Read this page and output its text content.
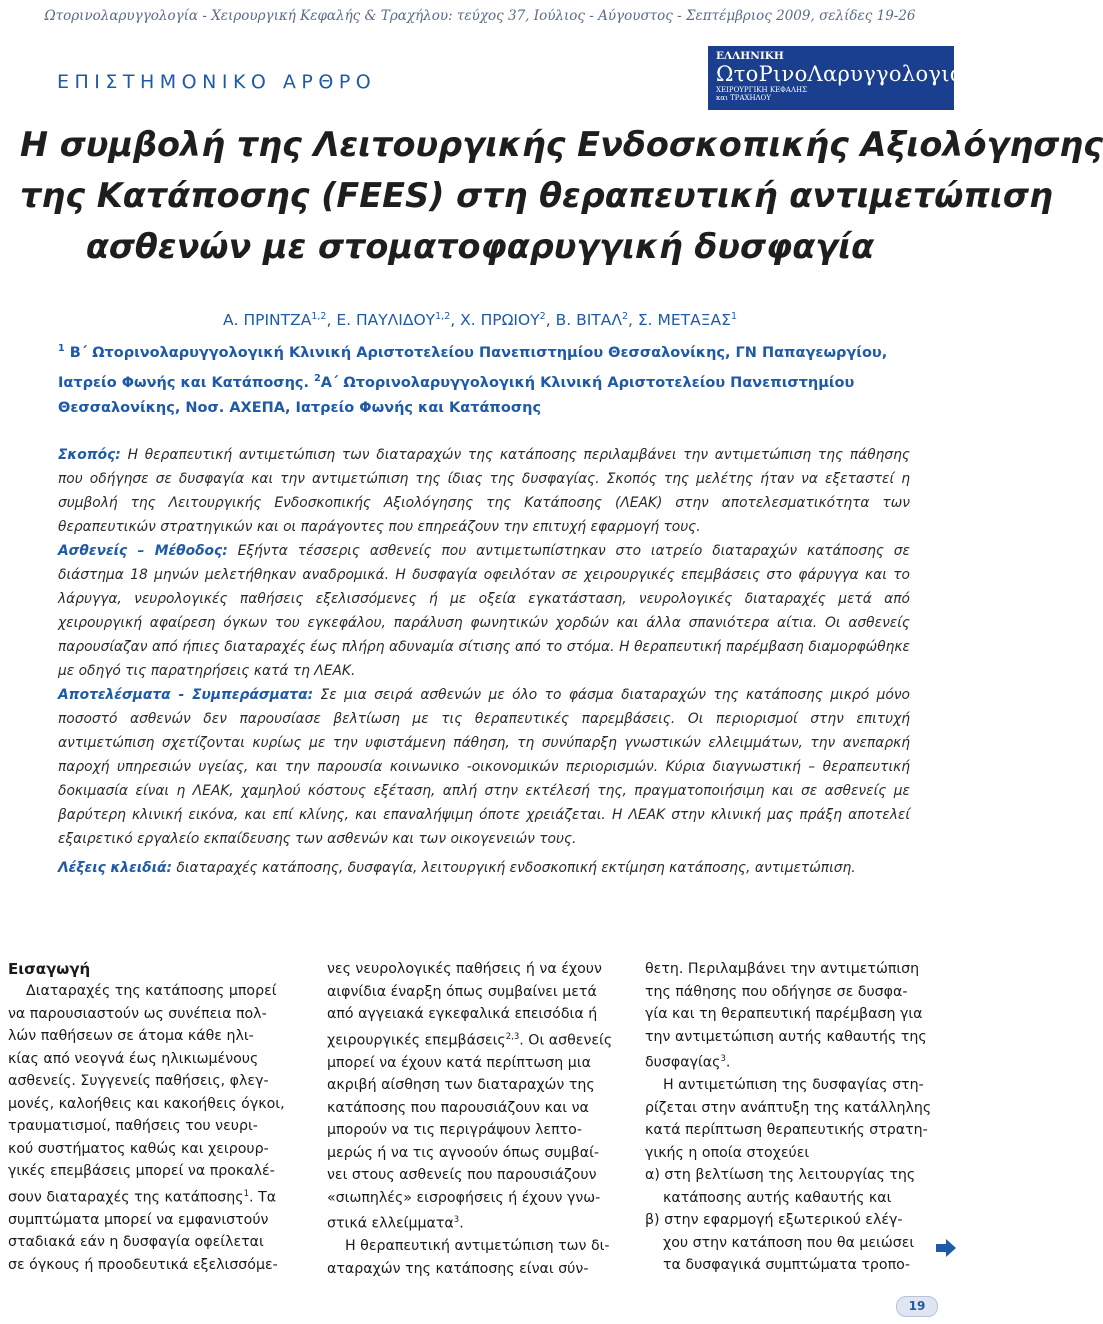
Ωτορινολαρυγγολογία - Χειρουργική Κεφαλής & Τραχήλου: τεύχος 37, Ιούλιος - Αύγουστος - Σεπτέμβριος 2009, σελίδες 19-26
ΕΠΙΣΤΗΜΟΝΙΚΟ ΑΡΘΡΟ
ΕΛΛΗΝΙΚΗ
ΩτοΡινοΛαρυγγολογια
ΧΕΙΡΟΥΡΓΙΚΗ ΚΕΦΑΛΗΣ
και ΤΡΑΧΗΛΟΥ
Η συμβολή της Λειτουργικής Ενδοσκοπικής Αξιολόγησης
της Κατάποσης (FEES) στη θεραπευτική αντιμετώπιση
ασθενών με στοματοφαρυγγική δυσφαγία
Α. ΠΡΙΝΤΖΑ$^{1,2}$, Ε. ΠΑΥΛΙΔΟΥ$^{1,2}$, Χ. ΠΡΩΙΟΥ$^2$, Β. ΒΙΤΑΛ$^2$, Σ. ΜΕΤΑΞΑΣ$^1$
$^1$ Β΄ Ωτορινολαρυγγολογική Κλινική Αριστοτελείου Πανεπιστημίου Θεσσαλονίκης, ΓΝ Παπαγεωργίου,
Ιατρείο Φωνής και Κατάποσης. $^2$Α΄ Ωτορινολαρυγγολογική Κλινική Αριστοτελείου Πανεπιστημίου
Θεσσαλονίκης, Νοσ. ΑΧΕΠΑ, Ιατρείο Φωνής και Κατάποσης

Σκοπός: Η θεραπευτική αντιμετώπιση των διαταραχών της κατάποσης περιλαμβάνει την αντιμετώπιση της πάθησης που οδήγησε σε δυσφαγία και την αντιμετώπιση της ίδιας της δυσφαγίας. Σκοπός της μελέτης ήταν να εξεταστεί η συμβολή της Λειτουργικής Ενδοσκοπικής Αξιολόγησης της Κατάποσης (ΛΕΑΚ) στην αποτελεσματικότητα των θεραπευτικών στρατηγικών και οι παράγοντες που επηρεάζουν την επιτυχή εφαρμογή τους.

Ασθενείς – Μέθοδος: Εξήντα τέσσερις ασθενείς που αντιμετωπίστηκαν στο ιατρείο διαταραχών κατάποσης σε διάστημα 18 μηνών μελετήθηκαν αναδρομικά. Η δυσφαγία οφειλόταν σε χειρουργικές επεμβάσεις στο φάρυγγα και το λάρυγγα, νευρολογικές παθήσεις εξελισσόμενες ή με οξεία εγκατάσταση, νευρολογικές διαταραχές μετά από χειρουργική αφαίρεση όγκων του εγκεφάλου, παράλυση φωνητικών χορδών και άλλα σπανιότερα αίτια. Οι ασθενείς παρουσίαζαν από ήπιες διαταραχές έως πλήρη αδυναμία σίτισης από το στόμα. Η θεραπευτική παρέμβαση διαμορφώθηκε με οδηγό τις παρατηρήσεις κατά τη ΛΕΑΚ.

Αποτελέσματα - Συμπεράσματα: Σε μια σειρά ασθενών με όλο το φάσμα διαταραχών της κατάποσης μικρό μόνο ποσοστό ασθενών δεν παρουσίασε βελτίωση με τις θεραπευτικές παρεμβάσεις. Οι περιορισμοί στην επιτυχή αντιμετώπιση σχετίζονται κυρίως με την υφιστάμενη πάθηση, τη συνύπαρξη γνωστικών ελλειμμάτων, την ανεπαρκή παροχή υπηρεσιών υγείας, και την παρουσία κοινωνικο -οικονομικών περιορισμών. Κύρια διαγνωστική – θεραπευτική δοκιμασία είναι η ΛΕΑΚ, χαμηλού κόστους εξέταση, απλή στην εκτέλεσή της, πραγματοποιήσιμη και σε ασθενείς με βαρύτερη κλινική εικόνα, και επί κλίνης, και επαναλήψιμη όποτε χρειάζεται. Η ΛΕΑΚ στην κλινική μας πράξη αποτελεί εξαιρετικό εργαλείο εκπαίδευσης των ασθενών και των οικογενειών τους.

Λέξεις κλειδιά: διαταραχές κατάποσης, δυσφαγία, λειτουργική ενδοσκοπική εκτίμηση κατάποσης, αντιμετώπιση.
Εισαγωγή
Διαταραχές της κατάποσης μπορεί
να παρουσιαστούν ως συνέπεια πολ-
λών παθήσεων σε άτομα κάθε ηλι-
κίας από νεογνά έως ηλικιωμένους
ασθενείς. Συγγενείς παθήσεις, φλεγ-
μονές, καλοήθεις και κακοήθεις όγκοι,
τραυματισμοί, παθήσεις του νευρι-
κού συστήματος καθώς και χειρουρ-
γικές επεμβάσεις μπορεί να προκαλέ-
σουν διαταραχές της κατάποσης$^1$. Τα
συμπτώματα μπορεί να εμφανιστούν
σταδιακά εάν η δυσφαγία οφείλεται
σε όγκους ή προοδευτικά εξελισσόμε-
νες νευρολογικές παθήσεις ή να έχουν
αιφνίδια έναρξη όπως συμβαίνει μετά
από αγγειακά εγκεφαλικά επεισόδια ή
χειρουργικές επεμβάσεις$^{2,3}$. Οι ασθενείς
μπορεί να έχουν κατά περίπτωση μια
ακριβή αίσθηση των διαταραχών της
κατάποσης που παρουσιάζουν και να
μπορούν να τις περιγράψουν λεπτο-
μερώς ή να τις αγνοούν όπως συμβαί-
νει στους ασθενείς που παρουσιάζουν
«σιωπηλές» εισροφήσεις ή έχουν γνω-
στικά ελλείμματα$^3$.
Η θεραπευτική αντιμετώπιση των δι-
αταραχών της κατάποσης είναι σύν-
θετη. Περιλαμβάνει την αντιμετώπιση
της πάθησης που οδήγησε σε δυσφα-
γία και τη θεραπευτική παρέμβαση για
την αντιμετώπιση αυτής καθαυτής της
δυσφαγίας$^3$.
Η αντιμετώπιση της δυσφαγίας στη-
ρίζεται στην ανάπτυξη της κατάλληλης
κατά περίπτωση θεραπευτικής στρατη-
γικής η οποία στοχεύει
α) στη βελτίωση της λειτουργίας της
κατάποσης αυτής καθαυτής και
β) στην εφαρμογή εξωτερικού ελέγ-
χου στην κατάποση που θα μειώσει
τα δυσφαγικά συμπτώματα τροπο-
19
